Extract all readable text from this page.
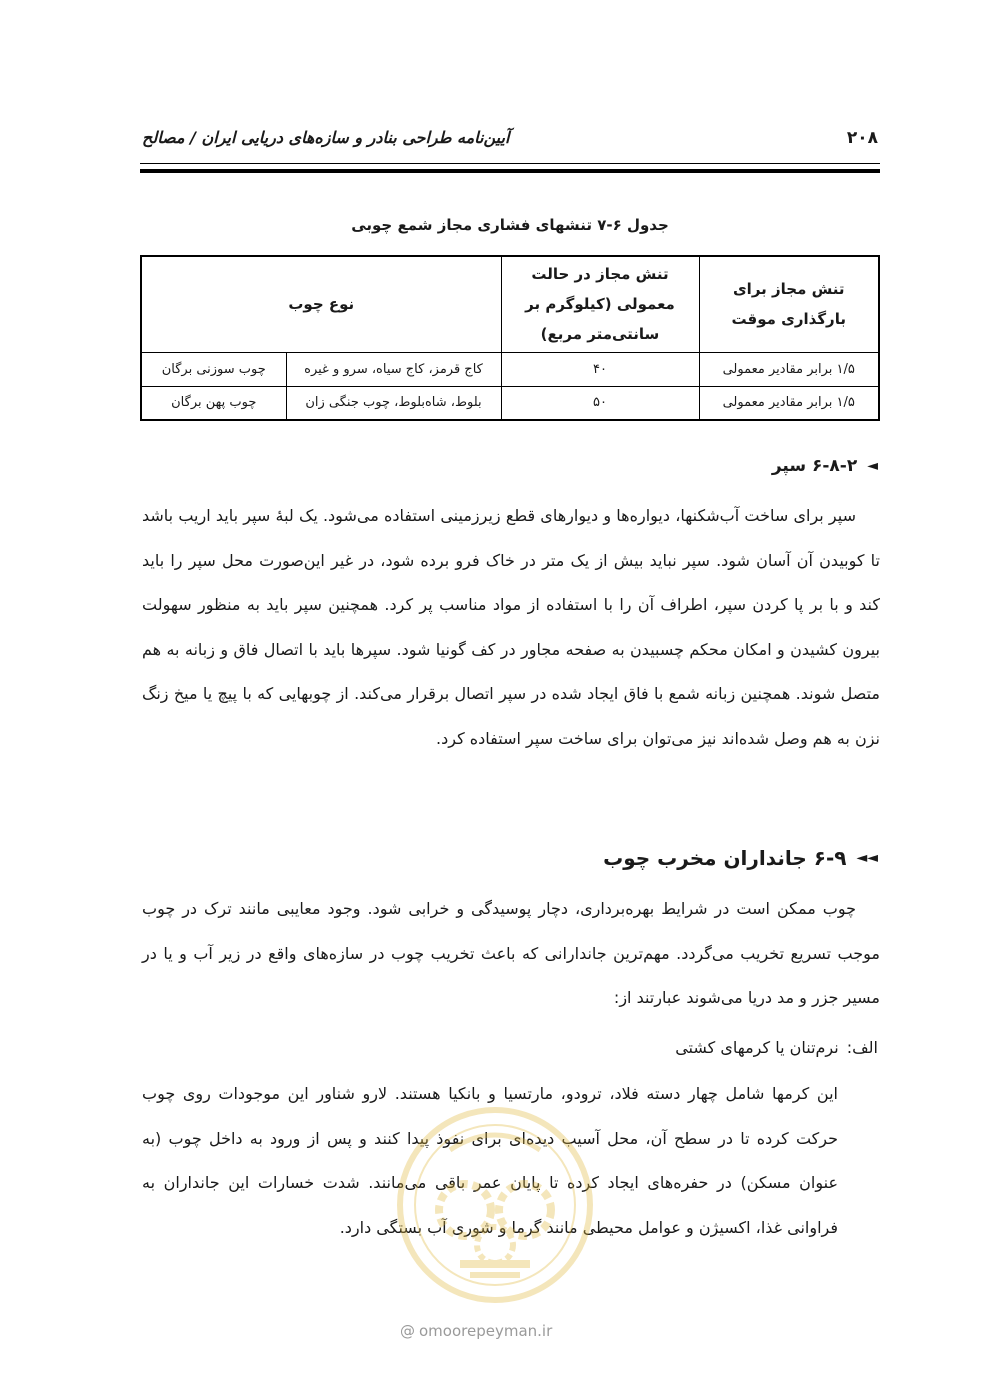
۲۰۸
آیین‌نامه طراحی بنادر و سازه‌های دریایی ایران / مصالح
جدول ۶-۷ تنشهای فشاری مجاز شمع چوبی
تنش مجاز برای بارگذاری موقت	تنش مجاز در حالت معمولی (کیلوگرم بر سانتی‌متر مربع)	نوع چوب	
۱/۵ برابر مقادیر معمولی	۴۰	کاج قرمز، کاج سیاه، سرو و غیره	چوب سوزنی برگان
۱/۵ برابر مقادیر معمولی	۵۰	بلوط، شاه‌بلوط، چوب جنگی زان	چوب پهن برگان
◄
۶-۸-۲ سپر

سپر برای ساخت آب‌شکنها، دیواره‌ها و دیوارهای قطع زیرزمینی استفاده می‌شود. یک لبهٔ سپر باید اریب باشد تا کوبیدن آن آسان شود. سپر نباید بیش از یک متر در خاک فرو برده شود، در غیر این‌صورت محل سپر را باید کند و با بر پا کردن سپر، اطراف آن را با استفاده از مواد مناسب پر کرد. همچنین سپر باید به منظور سهولت بیرون کشیدن و امکان محکم چسبیدن به صفحه مجاور در کف گونیا شود. سپرها باید با اتصال فاق و زبانه به هم متصل شوند. همچنین زبانه شمع با فاق ایجاد شده در سپر اتصال برقرار می‌کند. از چوبهایی که با پیچ یا میخ زنگ نزن به هم وصل شده‌اند نیز می‌توان برای ساخت سپر استفاده کرد.

◄◄
۶-۹ جانداران مخرب چوب

چوب ممکن است در شرایط بهره‌برداری، دچار پوسیدگی و خرابی شود. وجود معایبی مانند ترک در چوب موجب تسریع تخریب می‌گردد. مهم‌ترین جاندارانی که باعث تخریب چوب در سازه‌های واقع در زیر آب و یا در مسیر جزر و مد دریا می‌شوند عبارتند از:

الف:نرم‌تنان یا کرمهای کشتی

این کرمها شامل چهار دسته فلاد، ترودو، مارتسیا و بانکیا هستند. لارو شناور این موجودات روی چوب حرکت کرده تا در سطح آن، محل آسیب دیده‌ای برای نفوذ پیدا کنند و پس از ورود به داخل چوب (به عنوان مسکن) در حفره‌های ایجاد کرده تا پایان عمر باقی می‌مانند. شدت خسارات این جانداران به فراوانی غذا، اکسیژن و عوامل محیطی مانند گرما و شوری آب بستگی دارد.

@ omoorepeyman.ir
